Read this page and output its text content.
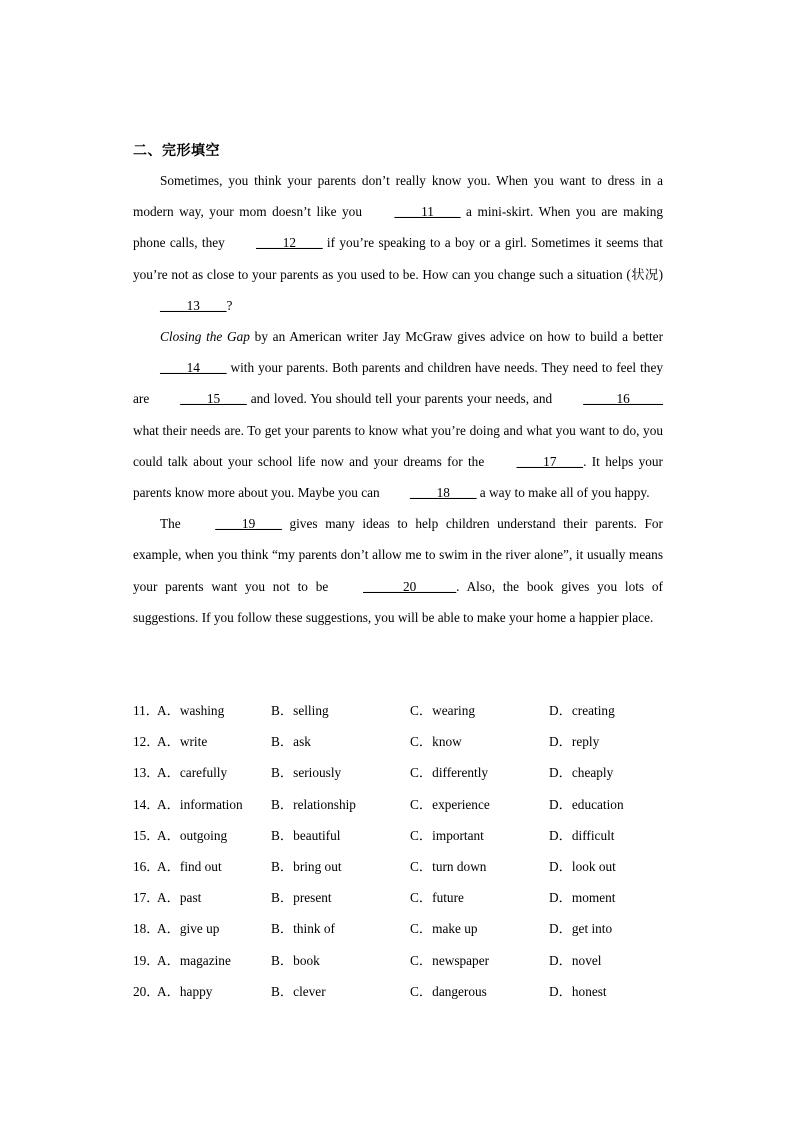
二、完形填空

Sometimes, you think your parents don’t really know you. When you want to dress in a modern way, your mom doesn’t like you ____11____ a mini-skirt. When you are making phone calls, they ____12____ if you’re speaking to a boy or a girl. Sometimes it seems that you’re not as close to your parents as you used to be. How can you change such a situation (状况) ____13____?

Closing the Gap by an American writer Jay McGraw gives advice on how to build a better ____14____ with your parents. Both parents and children have needs. They need to feel they are ____15____ and loved. You should tell your parents your needs, and _____16_____ what their needs are. To get your parents to know what you’re doing and what you want to do, you could talk about your school life now and your dreams for the ____17____. It helps your parents know more about you. Maybe you can ____18____ a way to make all of you happy.

The ____19____ gives many ideas to help children understand their parents. For example, when you think “my parents don’t allow me to swim in the river alone”, it usually means your parents want you not to be ______20______. Also, the book gives you lots of suggestions. If you follow these suggestions, you will be able to make your home a happier place.

11．
A．washing	B．selling	C．wearing	D．creating
12．
A．write	B．ask	C．know	D．reply
13．
A．carefully	B．seriously	C．differently	D．cheaply
14．
A．information B．relationship	C．experience	D．education
15．
A．outgoing	B．beautiful	C．important	D．difficult
16．
A．find out	B．bring out	C．turn down	D．look out
17．
A．past	B．present	C．future	D．moment
18．
A．give up	B．think of	C．make up	D．get into
19．
A．magazine	B．book	C．newspaper	D．novel
20．
A．happy	B．clever	C．dangerous	D．honest
